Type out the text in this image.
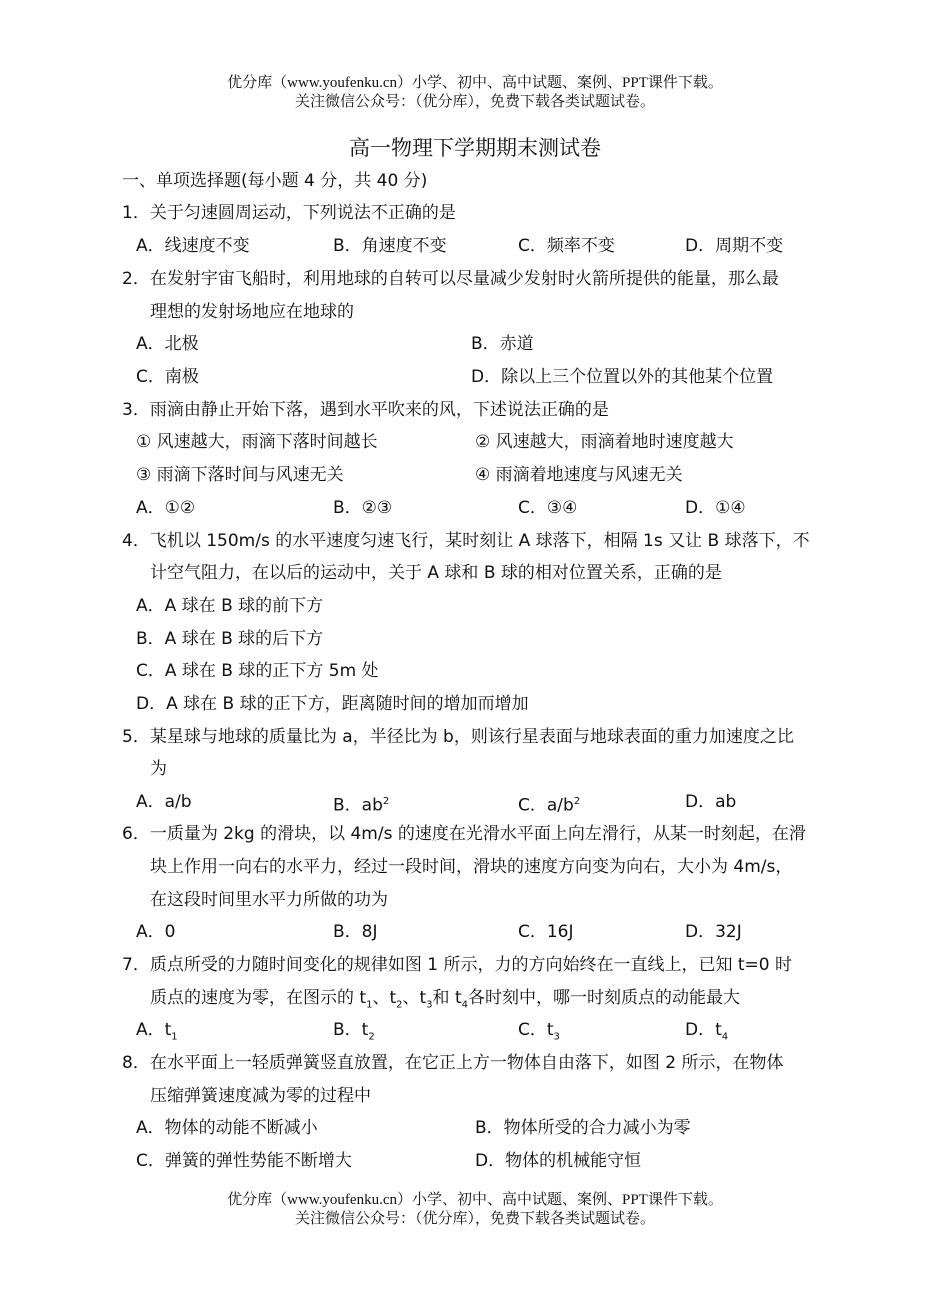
优分库（www.youfenku.cn）小学、初中、高中试题、案例、PPT课件下载。
关注微信公众号：（优分库），免费下载各类试题试卷。
高一物理下学期期末测试卷
一、单项选择题(每小题 4 分，共 40 分)
1．关于匀速圆周运动，下列说法不正确的是
A．线速度不变	B．角速度不变	C．频率不变	D．周期不变
2．在发射宇宙飞船时，利用地球的自转可以尽量减少发射时火箭所提供的能量，那么最
理想的发射场地应在地球的
A．北极	B．赤道
C．南极	D．除以上三个位置以外的其他某个位置
3．雨滴由静止开始下落，遇到水平吹来的风，下述说法正确的是
① 风速越大，雨滴下落时间越长	② 风速越大，雨滴着地时速度越大
③ 雨滴下落时间与风速无关	④ 雨滴着地速度与风速无关
A．①②	B．②③	C．③④	D．①④
4．飞机以 150m/s 的水平速度匀速飞行，某时刻让 A 球落下，相隔 1s 又让 B 球落下，不
计空气阻力，在以后的运动中，关于 A 球和 B 球的相对位置关系，正确的是
A．A 球在 B 球的前下方
B．A 球在 B 球的后下方
C．A 球在 B 球的正下方 5m 处
D．A 球在 B 球的正下方，距离随时间的增加而增加
5．某星球与地球的质量比为 a，半径比为 b，则该行星表面与地球表面的重力加速度之比
为
A．a/b	B．$ab^2$	C．$a/b^2$	D．ab
6．一质量为 2kg 的滑块，以 4m/s 的速度在光滑水平面上向左滑行，从某一时刻起，在滑
块上作用一向右的水平力，经过一段时间，滑块的速度方向变为向右，大小为 4m/s，
在这段时间里水平力所做的功为
A．0	B．8J	C．16J	D．32J
7．质点所受的力随时间变化的规律如图 1 所示，力的方向始终在一直线上，已知 t=0 时
质点的速度为零，在图示的 $t_1$、$t_2$、$t_3$和 $t_4$各时刻中，哪一时刻质点的动能最大
A．$t_1$	B．$t_2$	C．$t_3$	D．$t_4$
8．在水平面上一轻质弹簧竖直放置，在它正上方一物体自由落下，如图 2 所示，在物体
压缩弹簧速度减为零的过程中
A．物体的动能不断减小	B．物体所受的合力减小为零
C．弹簧的弹性势能不断增大	D．物体的机械能守恒
优分库（www.youfenku.cn）小学、初中、高中试题、案例、PPT课件下载。
关注微信公众号：（优分库），免费下载各类试题试卷。
